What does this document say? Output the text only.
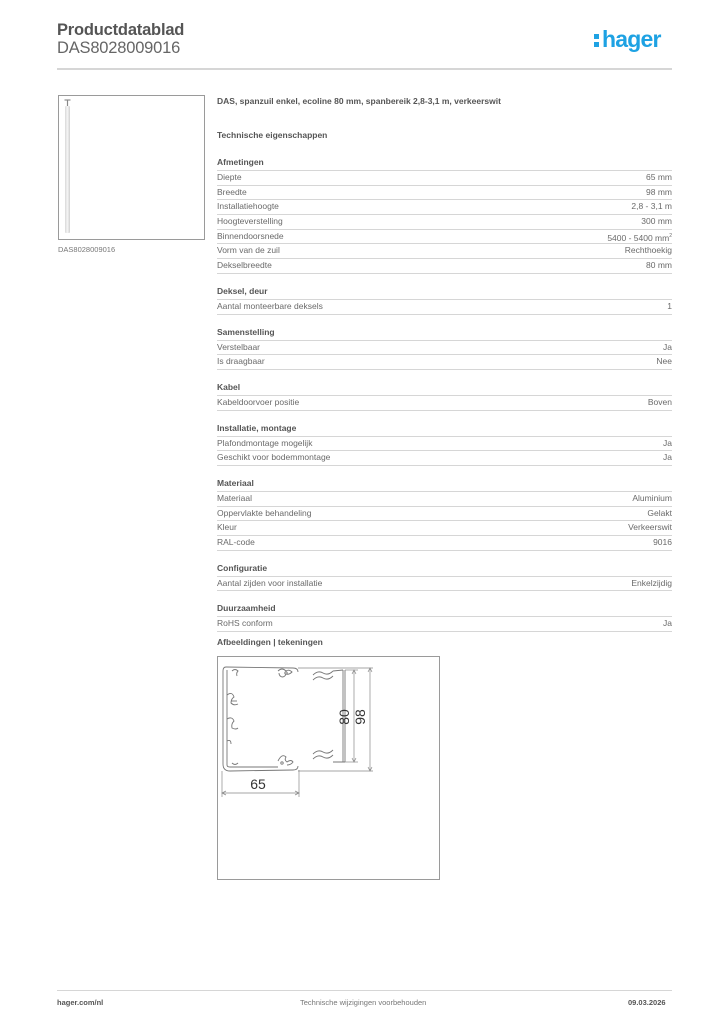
Productdatablad
DAS8028009016	hager
DAS8028009016
DAS, spanzuil enkel, ecoline 80 mm, spanbereik 2,8-3,1 m, verkeerswit
Technische eigenschappen
Afmetingen
Diepte	65 mm
Breedte	98 mm
Installatiehoogte	2,8 - 3,1 m
Hoogteverstelling	300 mm
Binnendoorsnede	5400 - 5400 $mm^2$
Vorm van de zuil	Rechthoekig
Dekselbreedte	80 mm
Deksel, deur
Aantal monteerbare deksels	1
Samenstelling
Verstelbaar	Ja
Is draagbaar	Nee
Kabel
Kabeldoorvoer positie	Boven
Installatie, montage
Plafondmontage mogelijk	Ja
Geschikt voor bodemmontage	Ja
Materiaal
Materiaal	Aluminium
Oppervlakte behandeling	Gelakt
Kleur	Verkeerswit
RAL-code	9016
Configuratie
Aantal zijden voor installatie	Enkelzijdig
Duurzaamheid
RoHS conform	Ja
Afbeeldingen | tekeningen
80 98
65
hager.com/nl	Technische wijzigingen voorbehouden	09.03.2026
